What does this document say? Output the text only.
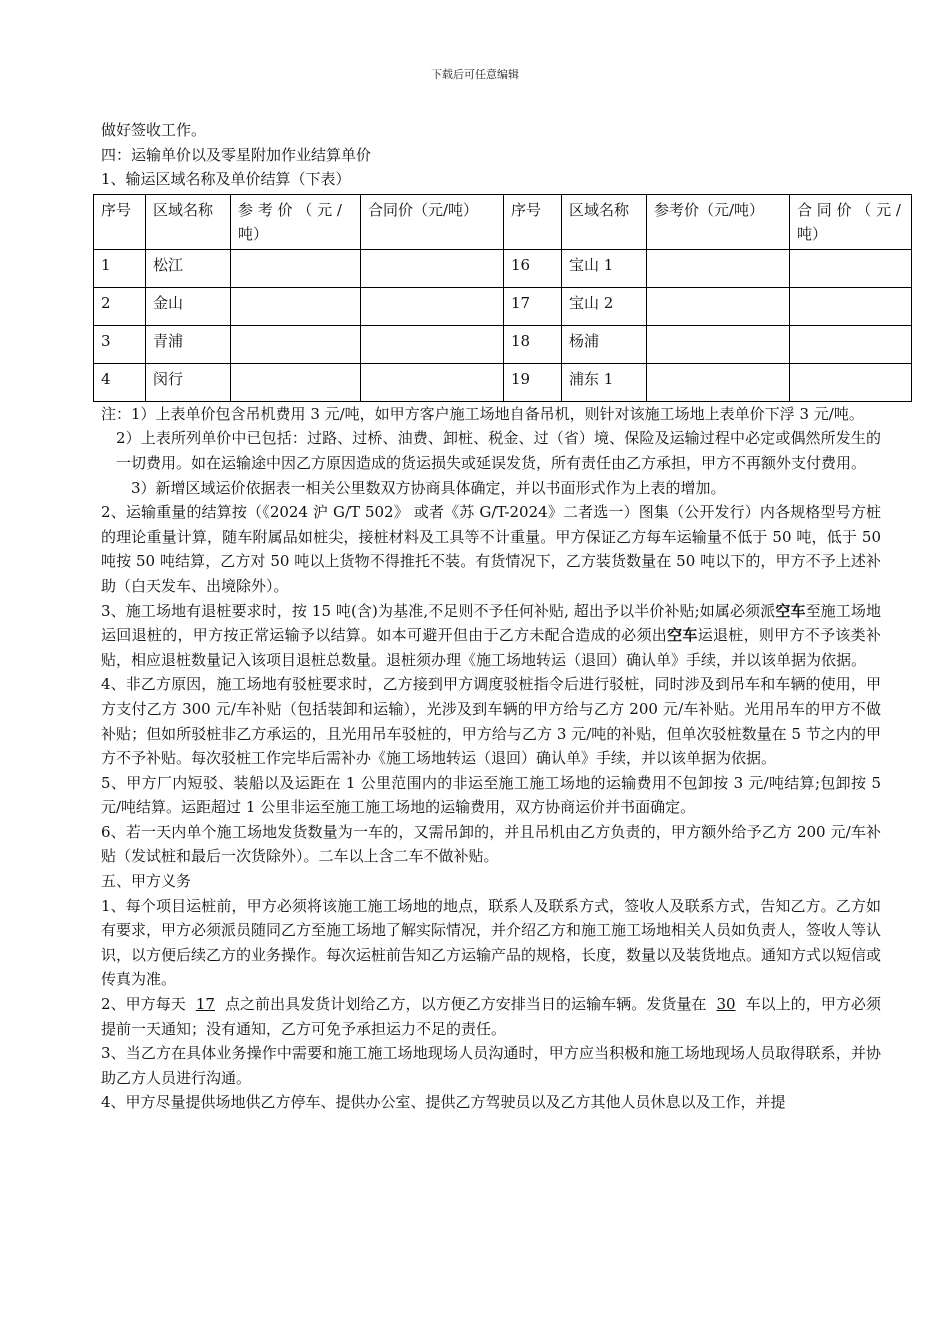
下载后可任意编辑

做好签收工作。

四：运输单价以及零星附加作业结算单价

1、输运区域名称及单价结算（下表）

序号	区域名称	参 考 价 （ 元 / 吨）	合同价（元/吨）	序号	区域名称	参考价（元/吨）	合 同 价 （ 元 / 吨）
1	松江			16	宝山 1		
2	金山			17	宝山 2		
3	青浦			18	杨浦		
4	闵行			19	浦东 1		

注：1）上表单价包含吊机费用 3 元/吨，如甲方客户施工场地自备吊机，则针对该施工场地上表单价下浮 3 元/吨。

2）上表所列单价中已包括：过路、过桥、油费、卸桩、税金、过（省）境、保险及运输过程中必定或偶然所发生的一切费用。如在运输途中因乙方原因造成的货运损失或延误发货，所有责任由乙方承担，甲方不再额外支付费用。

3）新增区域运价依据表一相关公里数双方协商具体确定，并以书面形式作为上表的增加。

2、运输重量的结算按（《2024 沪 G/T 502》 或者《苏 G/T-2024》二者选一）图集（公开发行）内各规格型号方桩的理论重量计算，随车附属品如桩尖，接桩材料及工具等不计重量。甲方保证乙方每车运输量不低于 50 吨，低于 50 吨按 50 吨结算，乙方对 50 吨以上货物不得推托不装。有货情况下，乙方装货数量在 50 吨以下的，甲方不予上述补助（白天发车、出境除外）。

3、施工场地有退桩要求时，按 15 吨(含)为基准,不足则不予任何补贴, 超出予以半价补贴;如属必须派空车至施工场地运回退桩的，甲方按正常运输予以结算。如本可避开但由于乙方未配合造成的必须出空车运退桩，则甲方不予该类补贴，相应退桩数量记入该项目退桩总数量。退桩须办理《施工场地转运（退回）确认单》手续，并以该单据为依据。

4、非乙方原因，施工场地有驳桩要求时，乙方接到甲方调度驳桩指令后进行驳桩，同时涉及到吊车和车辆的使用，甲方支付乙方 300 元/车补贴（包括装卸和运输），光涉及到车辆的甲方给与乙方 200 元/车补贴。光用吊车的甲方不做补贴；但如所驳桩非乙方承运的，且光用吊车驳桩的，甲方给与乙方 3 元/吨的补贴，但单次驳桩数量在 5 节之内的甲方不予补贴。每次驳桩工作完毕后需补办《施工场地转运（退回）确认单》手续，并以该单据为依据。

5、甲方厂内短驳、装船以及运距在 1 公里范围内的非运至施工施工场地的运输费用不包卸按 3 元/吨结算;包卸按 5 元/吨结算。运距超过 1 公里非运至施工施工场地的运输费用，双方协商运价并书面确定。

6、若一天内单个施工场地发货数量为一车的，又需吊卸的，并且吊机由乙方负责的，甲方额外给予乙方 200 元/车补贴（发试桩和最后一次货除外）。二车以上含二车不做补贴。

五、甲方义务

1、每个项目运桩前，甲方必须将该施工施工场地的地点，联系人及联系方式，签收人及联系方式，告知乙方。乙方如有要求，甲方必须派员随同乙方至施工场地了解实际情况，并介绍乙方和施工施工场地相关人员如负责人，签收人等认识，以方便后续乙方的业务操作。每次运桩前告知乙方运输产品的规格，长度，数量以及装货地点。通知方式以短信或传真为准。

2、甲方每天 17 点之前出具发货计划给乙方，以方便乙方安排当日的运输车辆。发货量在 30 车以上的，甲方必须提前一天通知；没有通知，乙方可免予承担运力不足的责任。

3、当乙方在具体业务操作中需要和施工施工场地现场人员沟通时，甲方应当积极和施工场地现场人员取得联系，并协助乙方人员进行沟通。

4、甲方尽量提供场地供乙方停车、提供办公室、提供乙方驾驶员以及乙方其他人员休息以及工作，并提
